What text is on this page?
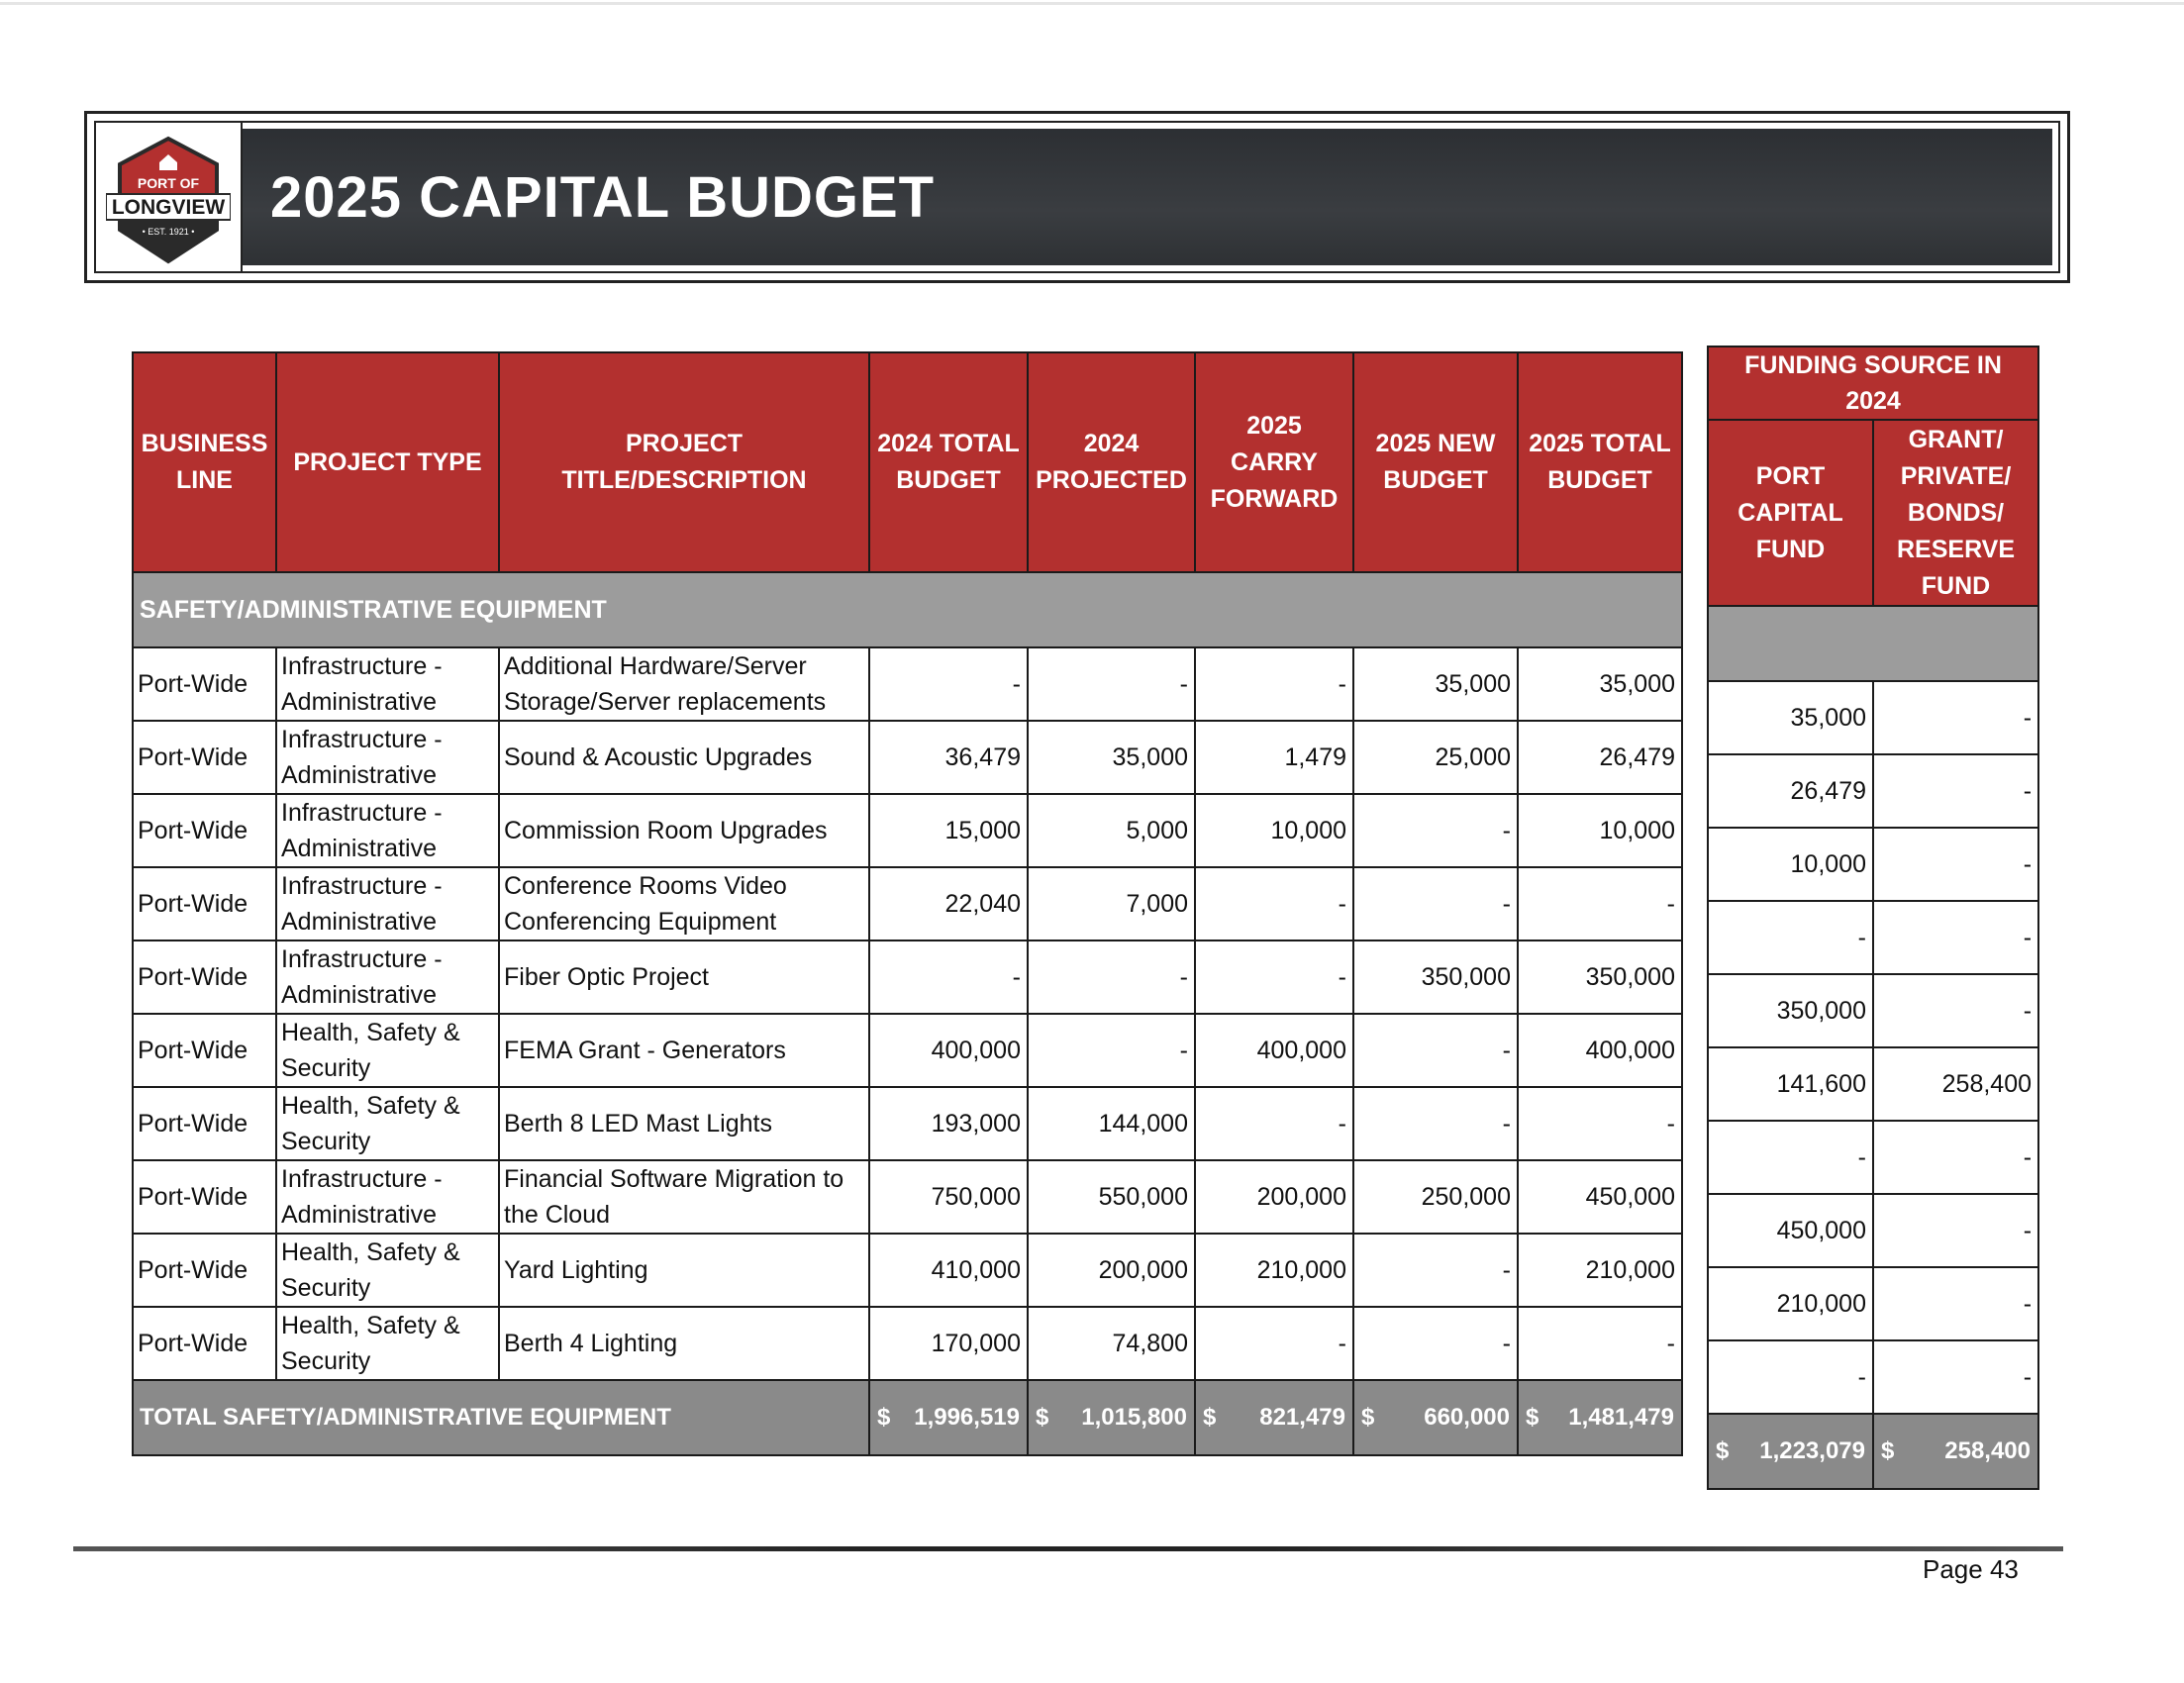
PORT OF
LONGVIEW
• EST. 1921 •
2025 CAPITAL BUDGET
BUSINESS LINE	PROJECT TYPE	PROJECT TITLE/DESCRIPTION	2024 TOTAL BUDGET	2024 PROJECTED	2025 CARRY FORWARD	2025 NEW BUDGET	2025 TOTAL BUDGET
SAFETY/ADMINISTRATIVE EQUIPMENT							
Port-Wide	Infrastructure - Administrative	Additional Hardware/Server Storage/Server replacements	-	-	-	35,000	35,000
Port-Wide	Infrastructure - Administrative	Sound & Acoustic Upgrades	36,479	35,000	1,479	25,000	26,479
Port-Wide	Infrastructure - Administrative	Commission Room Upgrades	15,000	5,000	10,000	-	10,000
Port-Wide	Infrastructure - Administrative	Conference Rooms Video Conferencing Equipment	22,040	7,000	-	-	-
Port-Wide	Infrastructure - Administrative	Fiber Optic Project	-	-	-	350,000	350,000
Port-Wide	Health, Safety & Security	FEMA Grant - Generators	400,000	-	400,000	-	400,000
Port-Wide	Health, Safety & Security	Berth 8 LED Mast Lights	193,000	144,000	-	-	-
Port-Wide	Infrastructure - Administrative	Financial Software Migration to the Cloud	750,000	550,000	200,000	250,000	450,000
Port-Wide	Health, Safety & Security	Yard Lighting	410,000	200,000	210,000	-	210,000
Port-Wide	Health, Safety & Security	Berth 4 Lighting	170,000	74,800	-	-	-
TOTAL SAFETY/ADMINISTRATIVE EQUIPMENT			$ 1,996,519	$ 1,015,800	$ 821,479	$ 660,000	$ 1,481,479
FUNDING SOURCE IN 2024	
PORT CAPITAL FUND	GRANT/ PRIVATE/ BONDS/ RESERVE FUND

35,000	-
26,479	-
10,000	-
-	-
350,000	-
141,600	258,400
-	-
450,000	-
210,000	-
-	-

$ 1,223,079	$ 258,400
Page 43
